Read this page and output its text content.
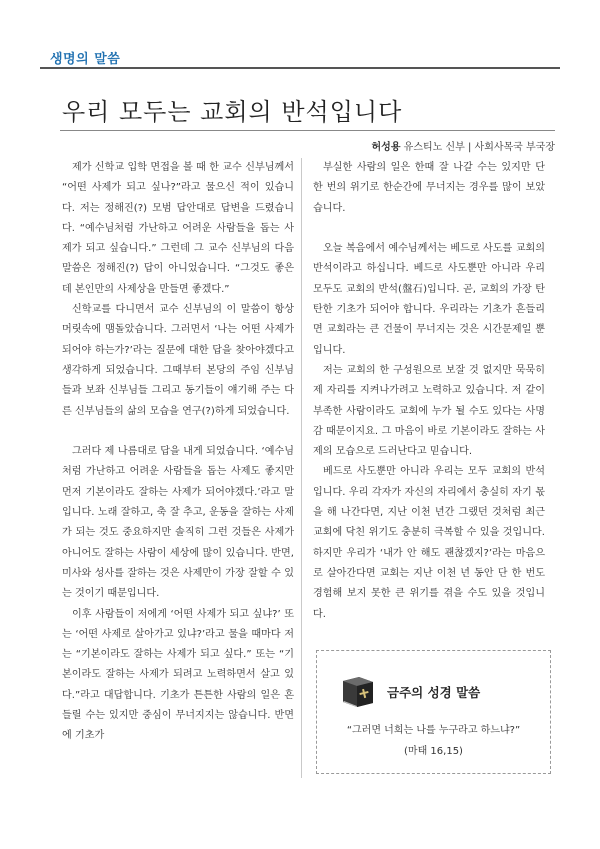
생명의 말씀
우리 모두는 교회의 반석입니다
허성용 유스티노 신부 | 사회사목국 부국장

제가 신학교 입학 면접을 볼 때 한 교수 신부님께서 “어떤 사제가 되고 싶나?”라고 물으신 적이 있습니다. 저는 정해진(?) 모범 답안대로 답변을 드렸습니다. “예수님처럼 가난하고 어려운 사람들을 돕는 사제가 되고 싶습니다.” 그런데 그 교수 신부님의 다음 말씀은 정해진(?) 답이 아니었습니다. “그것도 좋은데 본인만의 사제상을 만들면 좋겠다.”

신학교를 다니면서 교수 신부님의 이 말씀이 항상 머릿속에 맴돌았습니다. 그러면서 ‘나는 어떤 사제가 되어야 하는가?’라는 질문에 대한 답을 찾아야겠다고 생각하게 되었습니다. 그때부터 본당의 주임 신부님들과 보좌 신부님들 그리고 동기들이 얘기해 주는 다른 신부님들의 삶의 모습을 연구(?)하게 되었습니다.

그러다 제 나름대로 답을 내게 되었습니다. ‘예수님처럼 가난하고 어려운 사람들을 돕는 사제도 좋지만 먼저 기본이라도 잘하는 사제가 되어야겠다.’라고 말입니다. 노래 잘하고, 축 잘 추고, 운동을 잘하는 사제가 되는 것도 중요하지만 솔직히 그런 것들은 사제가 아니어도 잘하는 사람이 세상에 많이 있습니다. 반면, 미사와 성사를 잘하는 것은 사제만이 가장 잘할 수 있는 것이기 때문입니다.

이후 사람들이 저에게 ‘어떤 사제가 되고 싶냐?’ 또는 ‘어떤 사제로 살아가고 있냐?’라고 물을 때마다 저는 “기본이라도 잘하는 사제가 되고 싶다.” 또는 “기본이라도 잘하는 사제가 되려고 노력하면서 살고 있다.”라고 대답합니다. 기초가 튼튼한 사람의 일은 흔들릴 수는 있지만 중심이 무너지지는 않습니다. 반면에 기초가

부실한 사람의 일은 한때 잘 나갈 수는 있지만 단 한 번의 위기로 한순간에 무너지는 경우를 많이 보았습니다.

오늘 복음에서 예수님께서는 베드로 사도를 교회의 반석이라고 하십니다. 베드로 사도뿐만 아니라 우리 모두도 교회의 반석(盤石)입니다. 곧, 교회의 가장 탄탄한 기초가 되어야 합니다. 우리라는 기초가 흔들리면 교회라는 큰 건물이 무너지는 것은 시간문제일 뿐입니다.

저는 교회의 한 구성원으로 보잘 것 없지만 묵묵히 제 자리를 지켜나가려고 노력하고 있습니다. 저 같이 부족한 사람이라도 교회에 누가 될 수도 있다는 사명감 때문이지요. 그 마음이 바로 기본이라도 잘하는 사제의 모습으로 드러난다고 믿습니다.

베드로 사도뿐만 아니라 우리는 모두 교회의 반석입니다. 우리 각자가 자신의 자리에서 충실히 자기 몫을 해 나간다면, 지난 이천 년간 그랬던 것처럼 최근 교회에 닥친 위기도 충분히 극복할 수 있을 것입니다. 하지만 우리가 ‘내가 안 해도 괜찮겠지?’라는 마음으로 살아간다면 교회는 지난 이천 년 동안 단 한 번도 경험해 보지 못한 큰 위기를 겪을 수도 있을 것입니다.

금주의 성경 말씀
“그러면 너희는 나를 누구라고 하느냐?”
(마태 16,15)
